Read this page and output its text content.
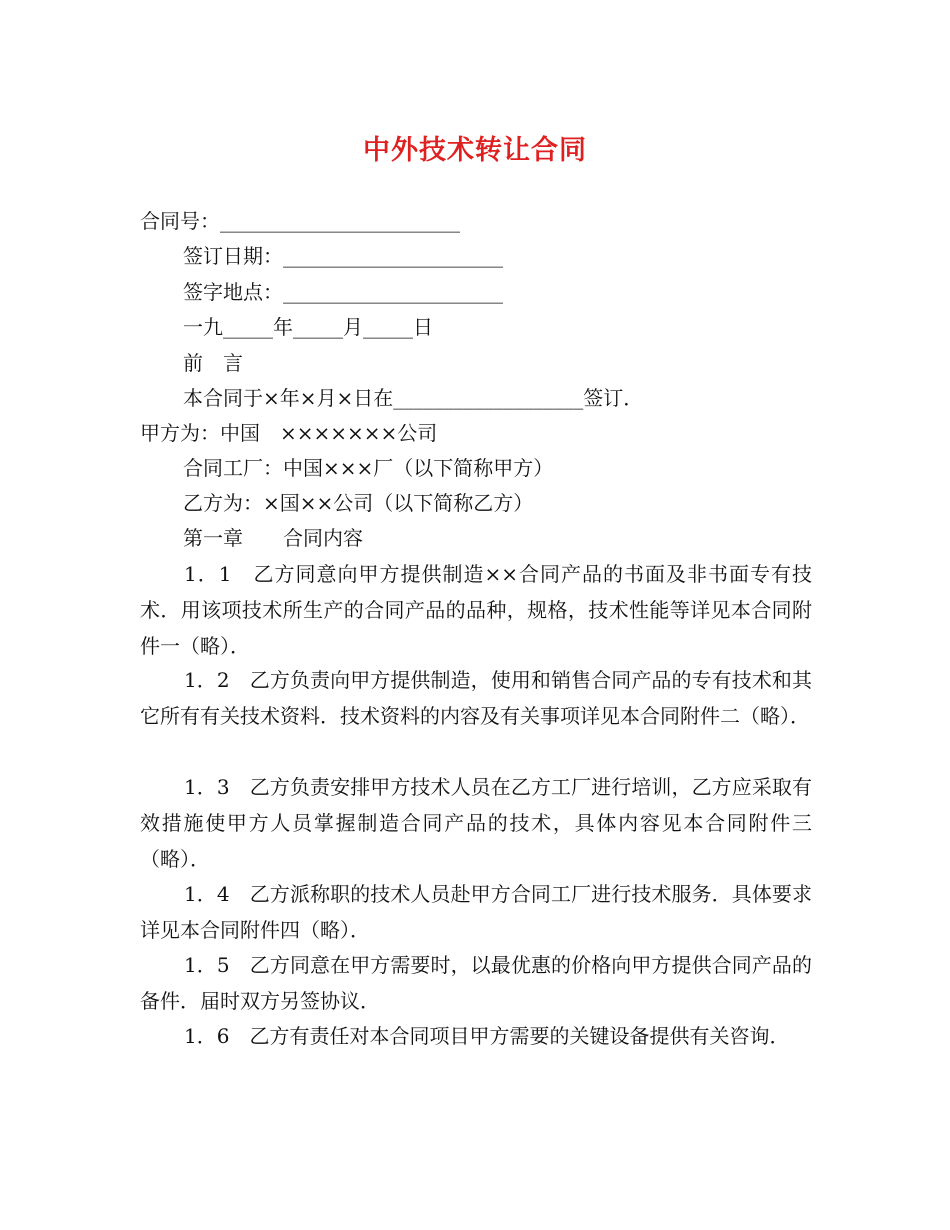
中外技术转让合同
合同号：________________________
签订日期：______________________
签字地点：______________________
一九_____年_____月_____日
前　言
本合同于×年×月×日在___________________签订．
甲方为：中国　×××××××公司
合同工厂：中国×××厂（以下简称甲方）
乙方为：×国××公司（以下简称乙方）
第一章　　合同内容
1．1　乙方同意向甲方提供制造××合同产品的书面及非书面专有技术．用该项技术所生产的合同产品的品种，规格，技术性能等详见本合同附件一（略）．
1．2　乙方负责向甲方提供制造，使用和销售合同产品的专有技术和其它所有有关技术资料．技术资料的内容及有关事项详见本合同附件二（略）．
1．3　乙方负责安排甲方技术人员在乙方工厂进行培训，乙方应采取有效措施使甲方人员掌握制造合同产品的技术，具体内容见本合同附件三（略）．
1．4　乙方派称职的技术人员赴甲方合同工厂进行技术服务．具体要求详见本合同附件四（略）．
1．5　乙方同意在甲方需要时，以最优惠的价格向甲方提供合同产品的备件．届时双方另签协议．
1．6　乙方有责任对本合同项目甲方需要的关键设备提供有关咨询．
